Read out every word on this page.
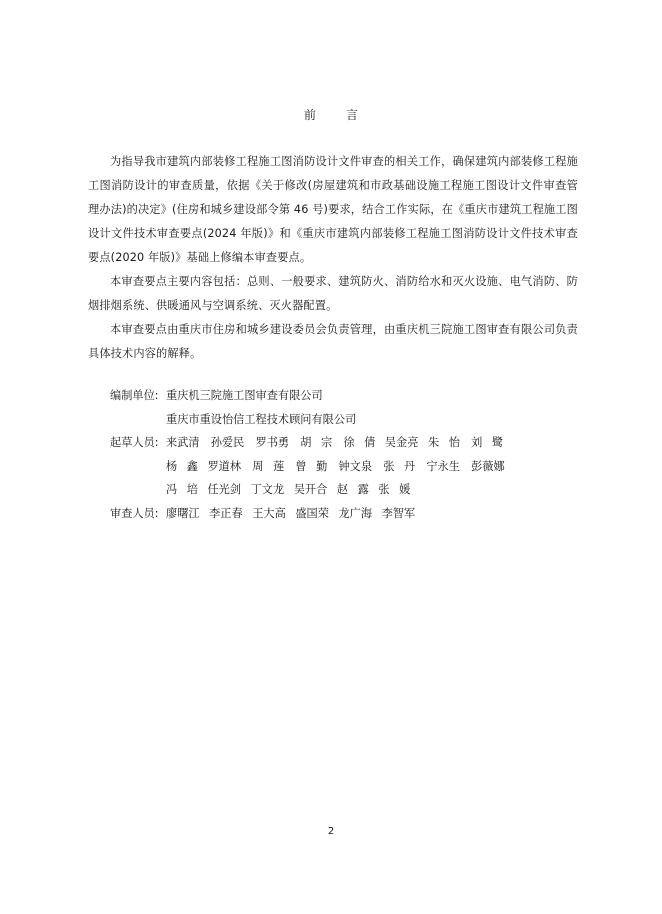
前	言

为指导我市建筑内部装修工程施工图消防设计文件审查的相关工作，确保建筑内部装修工程施工图消防设计的审查质量，依据《关于修改(房屋建筑和市政基础设施工程施工图设计文件审查管理办法)的决定》(住房和城乡建设部令第 46 号)要求，结合工作实际，在《重庆市建筑工程施工图设计文件技术审查要点(2024 年版)》和《重庆市建筑内部装修工程施工图消防设计文件技术审查要点(2020 年版)》基础上修编本审查要点。

本审查要点主要内容包括：总则、一般要求、建筑防火、消防给水和灭火设施、电气消防、防烟排烟系统、供暖通风与空调系统、灭火器配置。

本审查要点由重庆市住房和城乡建设委员会负责管理，由重庆机三院施工图审查有限公司负责具体技术内容的解释。

编制单位: 重庆机三院施工图审查有限公司
重庆市重设怡信工程技术顾问有限公司
起草人员: 来武清　孙爱民　罗书勇　胡 宗　徐 倩 吴金亮 朱 怡　刘 鹭
杨 鑫 罗道林　周 莲　曾 勤　钟文泉　张 丹　宁永生　彭薇娜
冯 培 任光剑 丁文龙 吴开合 赵 露 张 媛
审查人员: 廖曙江 李正春 王大高 盛国荣 龙广海 李智军
2
